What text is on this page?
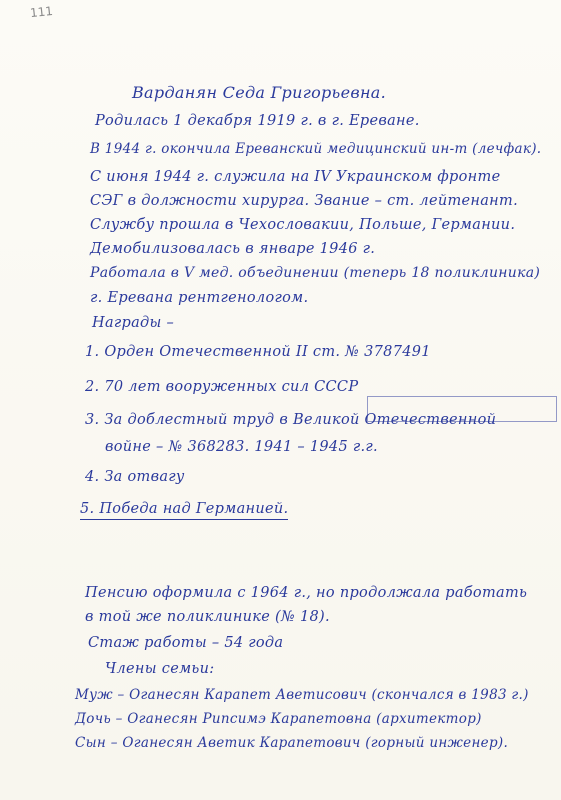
111
Варданян Седа Григорьевна.
Родилась 1 декабря 1919 г. в г. Ереване.
В 1944 г. окончила Ереванский медицинский ин-т (лечфак).
С июня 1944 г. служила на IV Украинском фронте
СЭГ в должности хирурга. Звание – ст. лейтенант.
Службу прошла в Чехословакии, Польше, Германии.
Демобилизовалась в январе 1946 г.
Работала в V мед. объединении (теперь 18 поликлиника)
г. Еревана рентгенологом.
Награды –
1. Орден Отечественной II ст. № 3787491
2. 70 лет вооруженных сил СССР
3. За доблестный труд в Великой Отечественной
войне – № 368283. 1941 – 1945 г.г.
4. За отвагу
5. Победа над Германией.
Пенсию оформила с 1964 г., но продолжала работать
в той же поликлинике (№ 18).
Стаж работы – 54 года
Члены семьи:
Муж – Оганесян Карапет Аветисович (скончался в 1983 г.)
Дочь – Оганесян Рипсимэ Карапетовна (архитектор)
Сын – Оганесян Аветик Карапетович (горный инженер).
